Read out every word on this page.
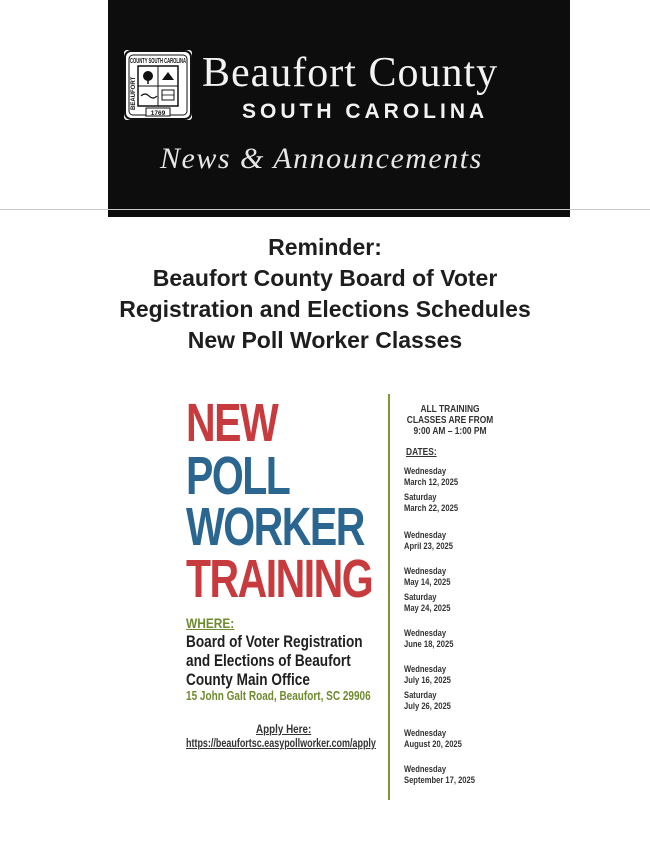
1769
COUNTY SOUTH CAROLINA
BEAUFORT Beaufort County
SOUTH CAROLINA
News & Announcements
Reminder:
Beaufort County Board of Voter
Registration and Elections Schedules
New Poll Worker Classes
NEW
POLL
WORKER
TRAINING
WHERE:
Board of Voter Registration
and Elections of Beaufort
County Main Office
15 John Galt Road, Beaufort, SC 29906
Apply Here:
https://beaufortsc.easypollworker.com/apply
ALL TRAINING
CLASSES ARE FROM
9:00 AM – 1:00 PM
DATES:
Wednesday
March 12, 2025
Saturday
March 22, 2025
Wednesday
April 23, 2025
Wednesday
May 14, 2025
Saturday
May 24, 2025
Wednesday
June 18, 2025
Wednesday
July 16, 2025
Saturday
July 26, 2025
Wednesday
August 20, 2025
Wednesday
September 17, 2025
